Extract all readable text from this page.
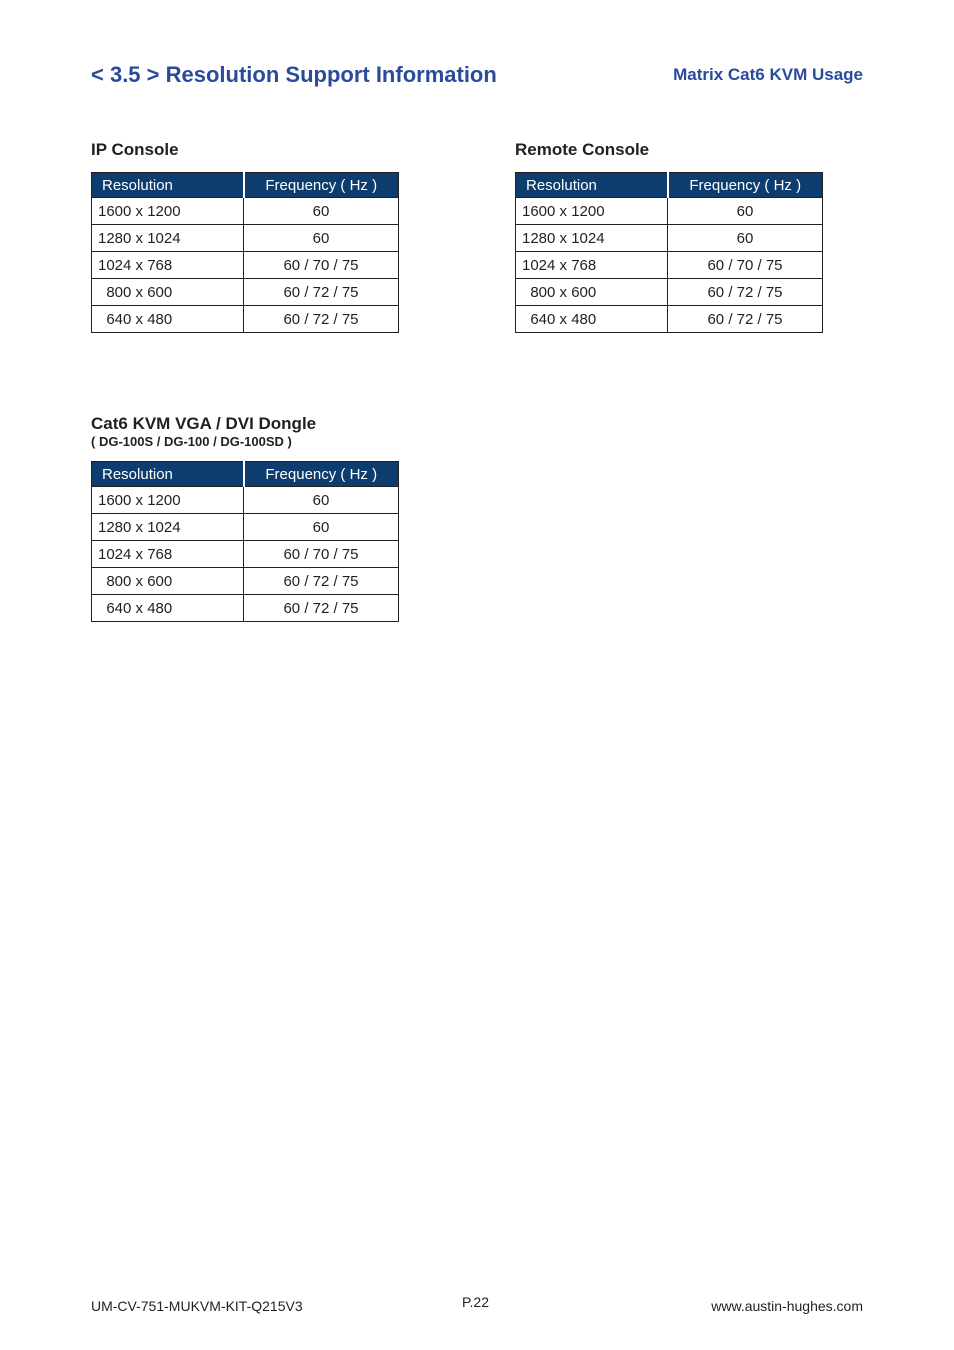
< 3.5 > Resolution Support Information	Matrix Cat6 KVM Usage
IP Console
Resolution	Frequency ( Hz )
1600 x 1200	60
1280 x 1024	60
1024 x 768	60 / 70 / 75
800 x 600	60 / 72 / 75
640 x 480	60 / 72 / 75
Remote Console
Resolution	Frequency ( Hz )
1600 x 1200	60
1280 x 1024	60
1024 x 768	60 / 70 / 75
800 x 600	60 / 72 / 75
640 x 480	60 / 72 / 75
Cat6 KVM VGA / DVI Dongle
( DG-100S / DG-100 / DG-100SD )
Resolution	Frequency ( Hz )
1600 x 1200	60
1280 x 1024	60
1024 x 768	60 / 70 / 75
800 x 600	60 / 72 / 75
640 x 480	60 / 72 / 75
UM-CV-751-MUKVM-KIT-Q215V3	P.22	www.austin-hughes.com
